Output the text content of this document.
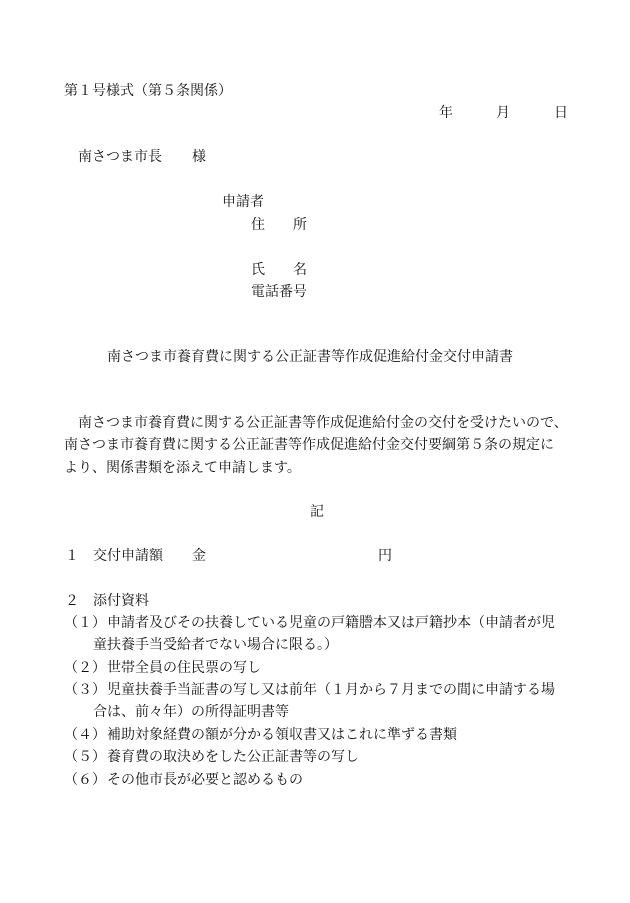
第１号様式（第５条関係）
年	月	日
南さつま市長 様
申請者
住　　所
氏　　名
電話番号
南さつま市養育費に関する公正証書等作成促進給付金交付申請書
南さつま市養育費に関する公正証書等作成促進給付金の交付を受けたいので、
南さつま市養育費に関する公正証書等作成促進給付金交付要綱第５条の規定に
より、関係書類を添えて申請します。
記
１ 交付申請額 金	円
２　添付資料
（１） 申請者及びその扶養している児童の戸籍謄本又は戸籍抄本（申請者が児
童扶養手当受給者でない場合に限る。）
（２） 世帯全員の住民票の写し
（３） 児童扶養手当証書の写し又は前年（１月から７月までの間に申請する場
合は、前々年）の所得証明書等
（４） 補助対象経費の額が分かる領収書又はこれに準ずる書類
（５） 養育費の取決めをした公正証書等の写し
（６） その他市長が必要と認めるもの
